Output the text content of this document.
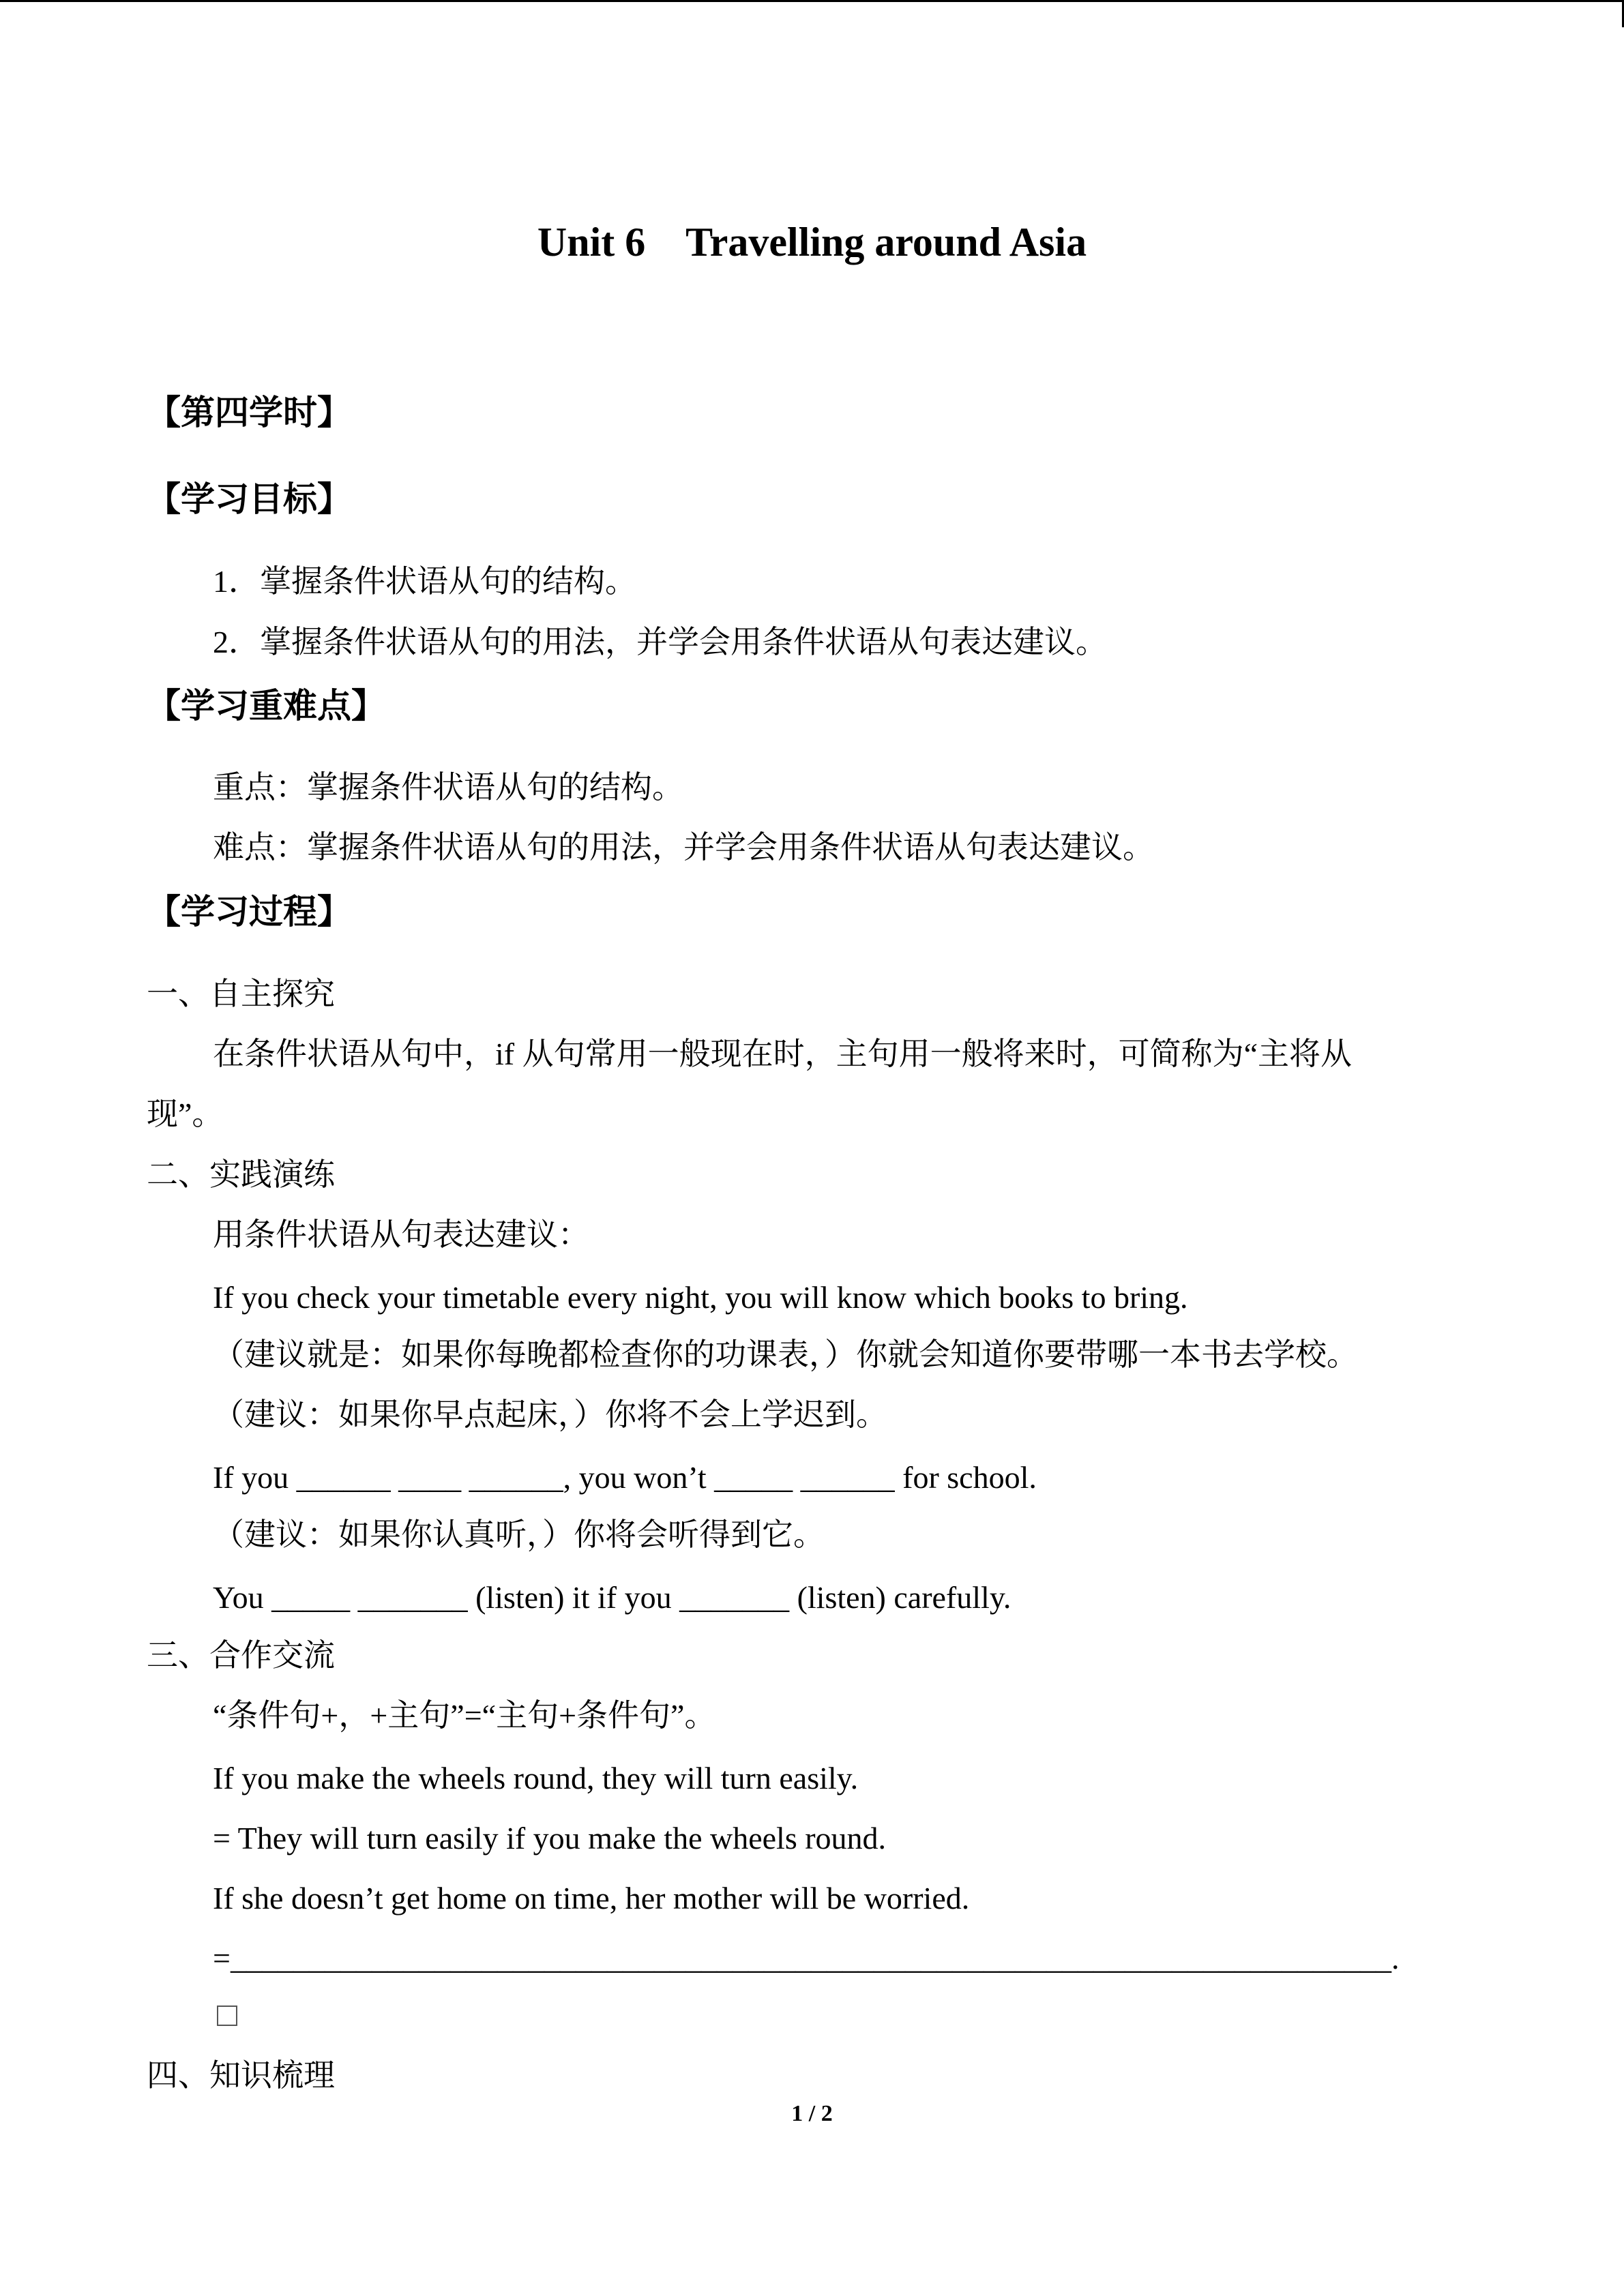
Unit 6    Travelling around Asia
【第四学时】
【学习目标】
1．掌握条件状语从句的结构。
2．掌握条件状语从句的用法，并学会用条件状语从句表达建议。
【学习重难点】
重点：掌握条件状语从句的结构。
难点：掌握条件状语从句的用法，并学会用条件状语从句表达建议。
【学习过程】
一、自主探究
在条件状语从句中，if 从句常用一般现在时，主句用一般将来时，可简称为“主将从
现”。
二、实践演练
用条件状语从句表达建议：
If you check your timetable every night, you will know which books to bring.
（建议就是：如果你每晚都检查你的功课表，）你就会知道你要带哪一本书去学校。
（建议：如果你早点起床，）你将不会上学迟到。
If you ______ ____ ______, you won’t _____ ______ for school.
（建议：如果你认真听，）你将会听得到它。
You _____ _______ (listen) it if you _______ (listen) carefully.
三、合作交流
“条件句+，+主句”=“主句+条件句”。
If you make the wheels round, they will turn easily.
= They will turn easily if you make the wheels round.
If she doesn’t get home on time, her mother will be worried.
=__________________________________________________________________________.
四、知识梳理
1 / 2
